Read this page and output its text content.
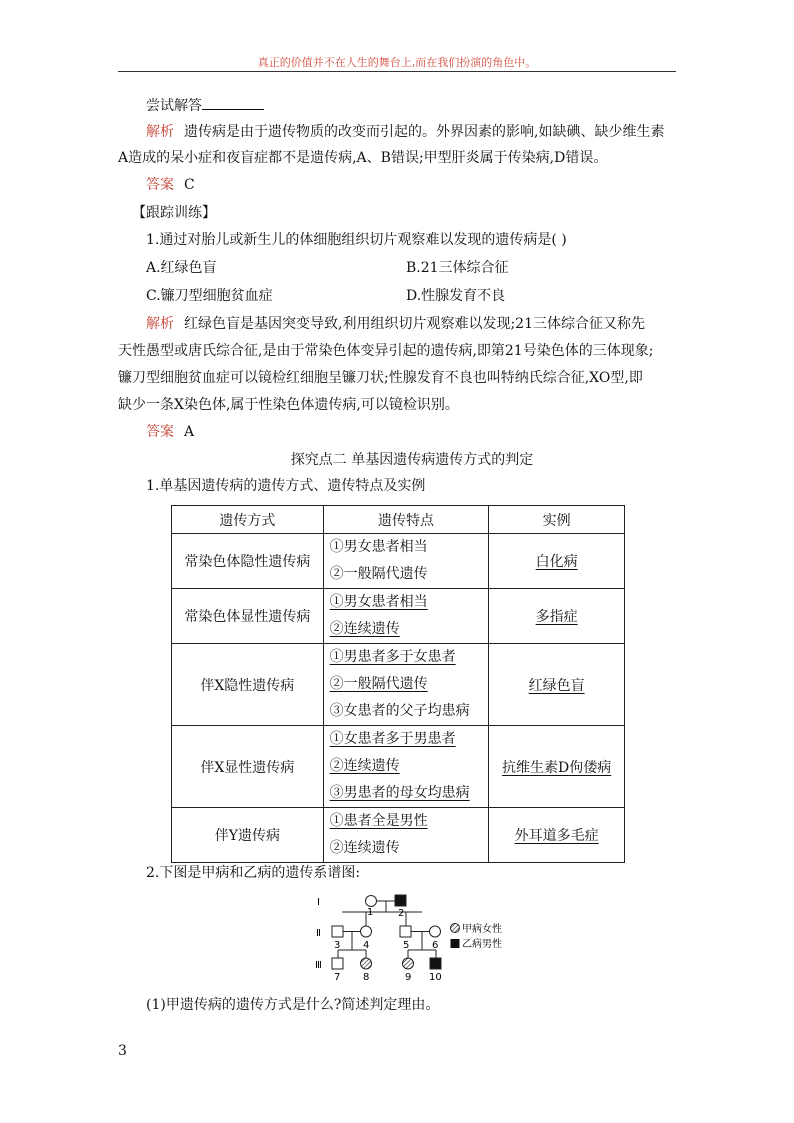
真正的价值并不在人生的舞台上,而在我们扮演的角色中。
尝试解答
解析 遗传病是由于遗传物质的改变而引起的。外界因素的影响,如缺碘、缺少维生素
A造成的呆小症和夜盲症都不是遗传病,A、B错误;甲型肝炎属于传染病,D错误。
答案 C
【跟踪训练】
1.通过对胎儿或新生儿的体细胞组织切片观察难以发现的遗传病是( )
A.红绿色盲	B.21三体综合征
C.镰刀型细胞贫血症	D.性腺发育不良
解析 红绿色盲是基因突变导致,利用组织切片观察难以发现;21三体综合征又称先
天性愚型或唐氏综合征,是由于常染色体变异引起的遗传病,即第21号染色体的三体现象;
镰刀型细胞贫血症可以镜检红细胞呈镰刀状;性腺发育不良也叫特纳氏综合征,XO型,即
缺少一条X染色体,属于性染色体遗传病,可以镜检识别。
答案 A
探究点二 单基因遗传病遗传方式的判定
1.单基因遗传病的遗传方式、遗传特点及实例
遗传方式	遗传特点	实例
常染色体隐性遗传病	①男女患者相当
②一般隔代遗传	白化病
常染色体显性遗传病	①男女患者相当
②连续遗传	多指症
伴X隐性遗传病	①男患者多于女患者
②一般隔代遗传
③女患者的父子均患病	红绿色盲
伴X显性遗传病	①女患者多于男患者
②连续遗传
③男患者的母女均患病	抗维生素D佝偻病
伴Y遗传病	①患者全是男性
②连续遗传	外耳道多毛症
2.下图是甲病和乙病的遗传系谱图:
Ⅰ
Ⅱ
Ⅲ
1 2
3 4	5 6
7 8	9 10
甲病女性
乙病男性
(1)甲遗传病的遗传方式是什么?简述判定理由。
3
